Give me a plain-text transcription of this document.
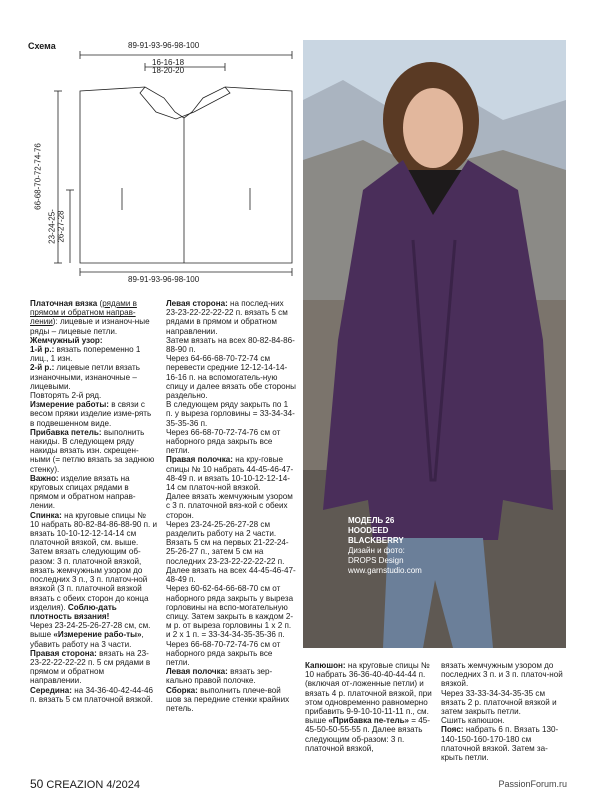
Схема	89-91-93-96-98-100
16-16-18
18-20-20
66-68-70-72-74-76
23-24-25- 26-27-28
89-91-93-96-98-100
МОДЕЛЬ 26
HOODEED
BLACKBERRY
Дизайн и фото:
DROPS Design
www.garnstudio.com

Платочная вязка (рядами в прямом и обратном направ-лении): лицевые и изнаноч-ные ряды – лицевые петли.

Жемчужный узор:

1-й р.: вязать попеременно 1 лиц., 1 изн.

2-й р.: лицевые петли вязать изнаночными, изнаночные – лицевыми.

Повторять 2-й ряд.

Измерение работы: в связи с весом пряжи изделие изме-рять в подвешенном виде.

Прибавка петель: выполнить накиды. В следующем ряду накиды вязать изн. скрещен-ными (= петлю вязать за заднюю стенку).

Важно: изделие вязать на круговых спицах рядами в прямом и обратном направ-лении.

Спинка: на круговые спицы № 10 набрать 80-82-84-86-88-90 п. и вязать 10-10-12-12-14-14 см платочной вязкой, см. выше.

Затем вязать следующим об-разом: 3 п. платочной вязкой, вязать жемчужным узором до последних 3 п., 3 п. платоч-ной вязкой (3 п. платочной вязкой вязать с обеих сторон до конца изделия). Соблю-дать плотность вязания!

Через 23-24-25-26-27-28 см, см. выше «Измерение рабо-ты», убавить работу на 3 части.

Правая сторона: вязать на 23-23-22-22-22-22 п. 5 см рядами в прямом и обратном направлении.

Середина: на 34-36-40-42-44-46 п. вязать 5 см платочной вязкой.

Левая сторона: на послед-них 23-23-22-22-22-22 п. вязать 5 см рядами в прямом и обратном направлении.

Затем вязать на всех 80-82-84-86-88-90 п.

Через 64-66-68-70-72-74 см перевести средние 12-12-14-14-16-16 п. на вспомогатель-ную спицу и далее вязать обе стороны раздельно.

В следующем ряду закрыть по 1 п. у выреза горловины = 33-34-34-35-35-36 п.

Через 66-68-70-72-74-76 см от наборного ряда закрыть все петли.

Правая полочка: на кру-говые спицы № 10 набрать 44-45-46-47-48-49 п. и вязать 10-10-12-12-14-14 см платоч-ной вязкой.

Далее вязать жемчужным узором с 3 п. платочной вяз-кой с обеих сторон.

Через 23-24-25-26-27-28 см разделить работу на 2 части. Вязать 5 см на первых 21-22-24-25-26-27 п., затем 5 см на последних 23-23-22-22-22-22 п. Далее вязать на всех 44-45-46-47-48-49 п.

Через 60-62-64-66-68-70 см от наборного ряда закрыть у выреза горловины на вспо-могательную спицу. Затем закрыть в каждом 2-м р. от выреза горловины 1 х 2 п. и 2 х 1 п. = 33-34-34-35-35-36 п.

Через 66-68-70-72-74-76 см от наборного ряда закрыть все петли.

Левая полочка: вязать зер-кально правой полочке.

Сборка: выполнить плече-вой шов за передние стенки крайних петель.

Капюшон: на круговые спицы № 10 набрать 36-36-40-40-44-44 п. (включая от-ложенные петли) и вязать 4 р. платочной вязкой, при этом одновременно равномерно прибавить 9-9-10-10-11-11 п., см. выше «Прибавка пе-тель» = 45-45-50-50-55-55 п. Далее вязать следующим об-разом: 3 п. платочной вязкой,

вязать жемчужным узором до последних 3 п. и 3 п. платоч-ной вязкой.

Через 33-33-34-34-35-35 см вязать 2 р. платочной вязкой и затем закрыть петли.

Сшить капюшон.

Пояс: набрать 6 п. Вязать 130-140-150-160-170-180 см платочной вязкой. Затем за-крыть петли.

50 CREAZION 4/2024	PassionForum.ru
